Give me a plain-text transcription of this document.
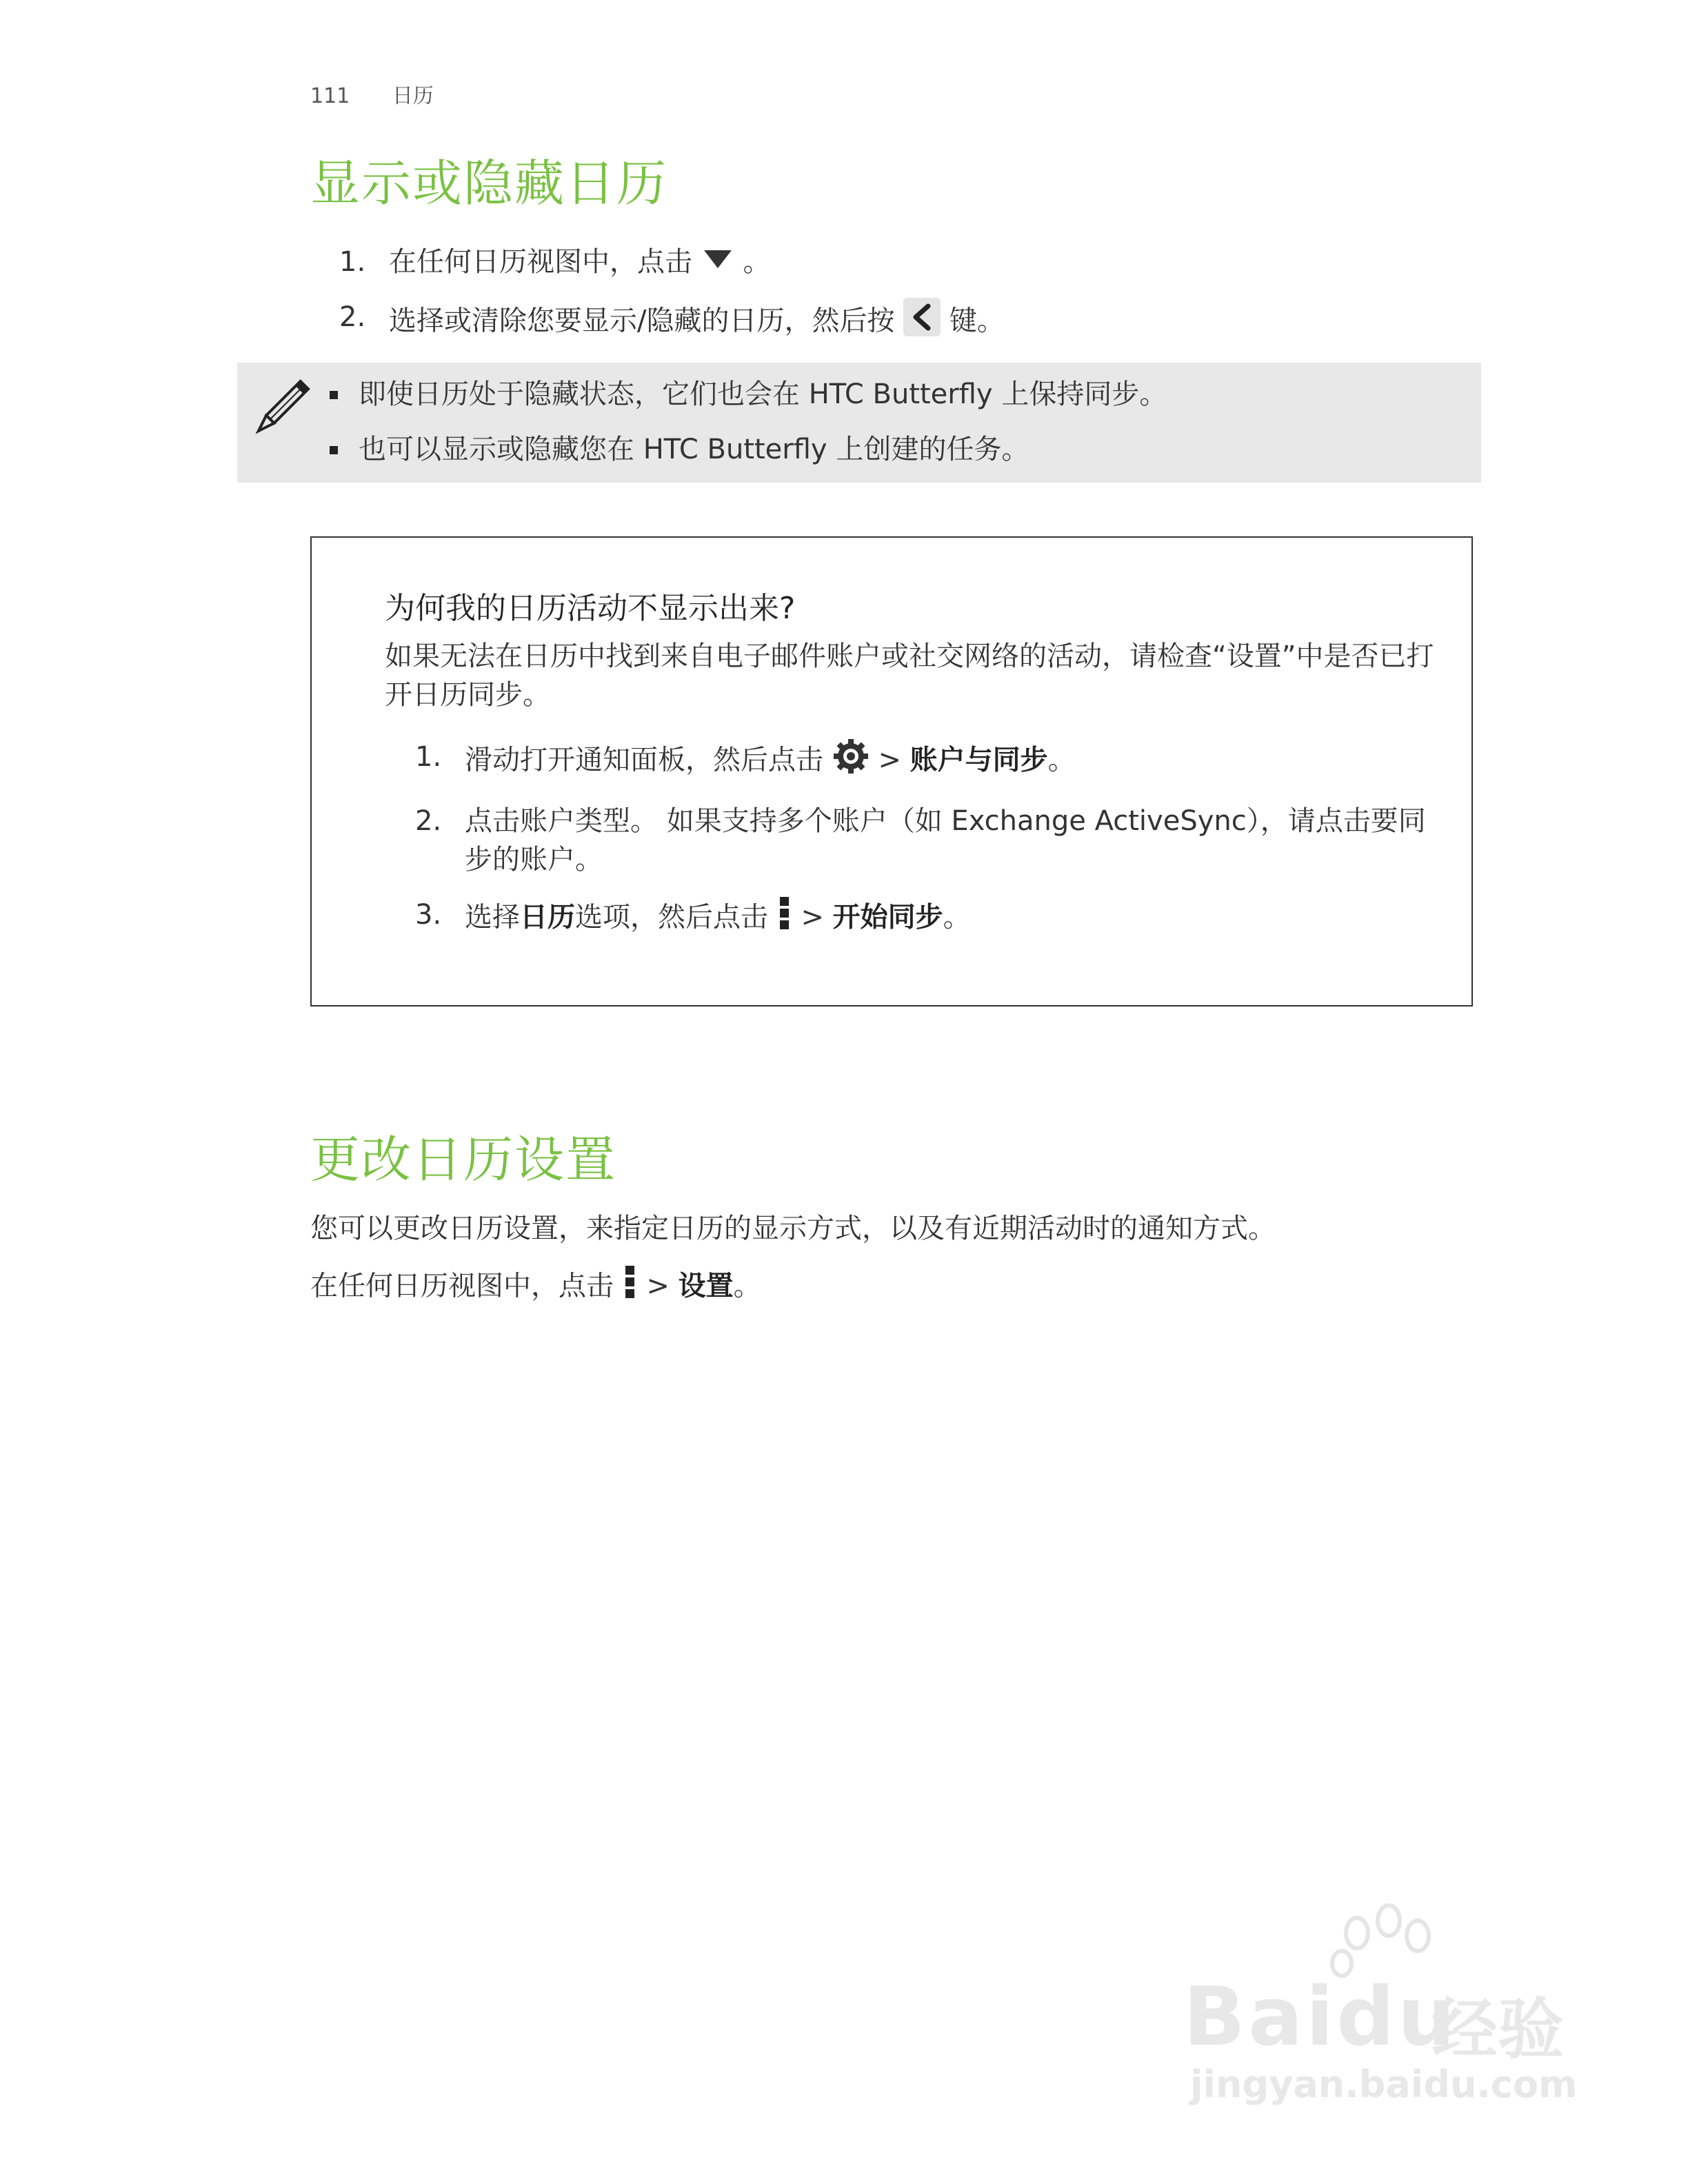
111 日历
显示或隐藏日历
1. 在任何日历视图中，点击 。
2. 选择或清除您要显示/隐藏的日历，然后按 键。
即使日历处于隐藏状态，它们也会在 HTC Butterfly 上保持同步。
也可以显示或隐藏您在 HTC Butterfly 上创建的任务。
为何我的日历活动不显示出来?

如果无法在日历中找到来自电子邮件账户或社交网络的活动，请检查“设置”中是否已打开日历同步。

1. 滑动打开通知面板，然后点击 > 账户与同步。
2. 点击账户类型。 如果支持多个账户（如 Exchange ActiveSync），请点击要同步的账户。
3. 选择日历选项，然后点击 > 开始同步。
更改日历设置

您可以更改日历设置，来指定日历的显示方式，以及有近期活动时的通知方式。

在任何日历视图中，点击 > 设置。

Baidu
经验
jingyan.baidu.com
